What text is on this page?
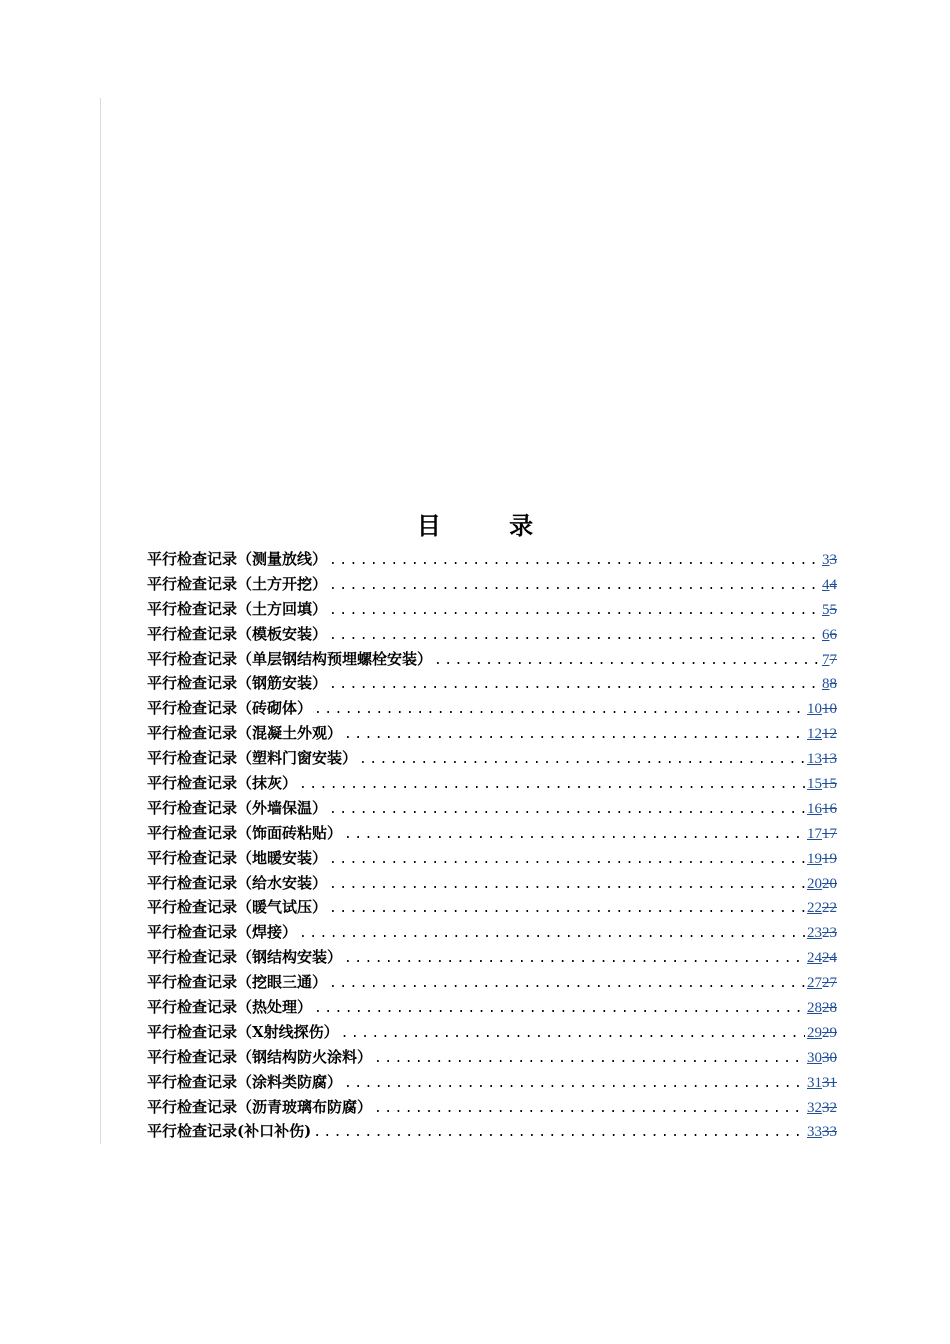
目 录
平行检查记录（测量放线） .....	33
平行检查记录（土方开挖） .....	44
平行检查记录（土方回填） .....	55
平行检查记录（模板安装） .....	66
平行检查记录（单层钢结构预埋螺栓安装） .....	77
平行检查记录（钢筋安装） .....	88
平行检查记录（砖砌体） .....	1010
平行检查记录（混凝土外观） .....	1212
平行检查记录（塑料门窗安装） .....	1313
平行检查记录（抹灰） .....	1515
平行检查记录（外墙保温） .....	1616
平行检查记录（饰面砖粘贴） .....	1717
平行检查记录（地暖安装） .....	1919
平行检查记录（给水安装） .....	2020
平行检查记录（暖气试压） .....	2222
平行检查记录（焊接） .....	2323
平行检查记录（钢结构安装） .....	2424
平行检查记录（挖眼三通） .....	2727
平行检查记录（热处理） .....	2828
平行检查记录（X射线探伤） .....	2929
平行检查记录（钢结构防火涂料） .....	3030
平行检查记录（涂料类防腐） .....	3131
平行检查记录（沥青玻璃布防腐） .....	3232
平行检查记录(补口补伤) .....	3333
